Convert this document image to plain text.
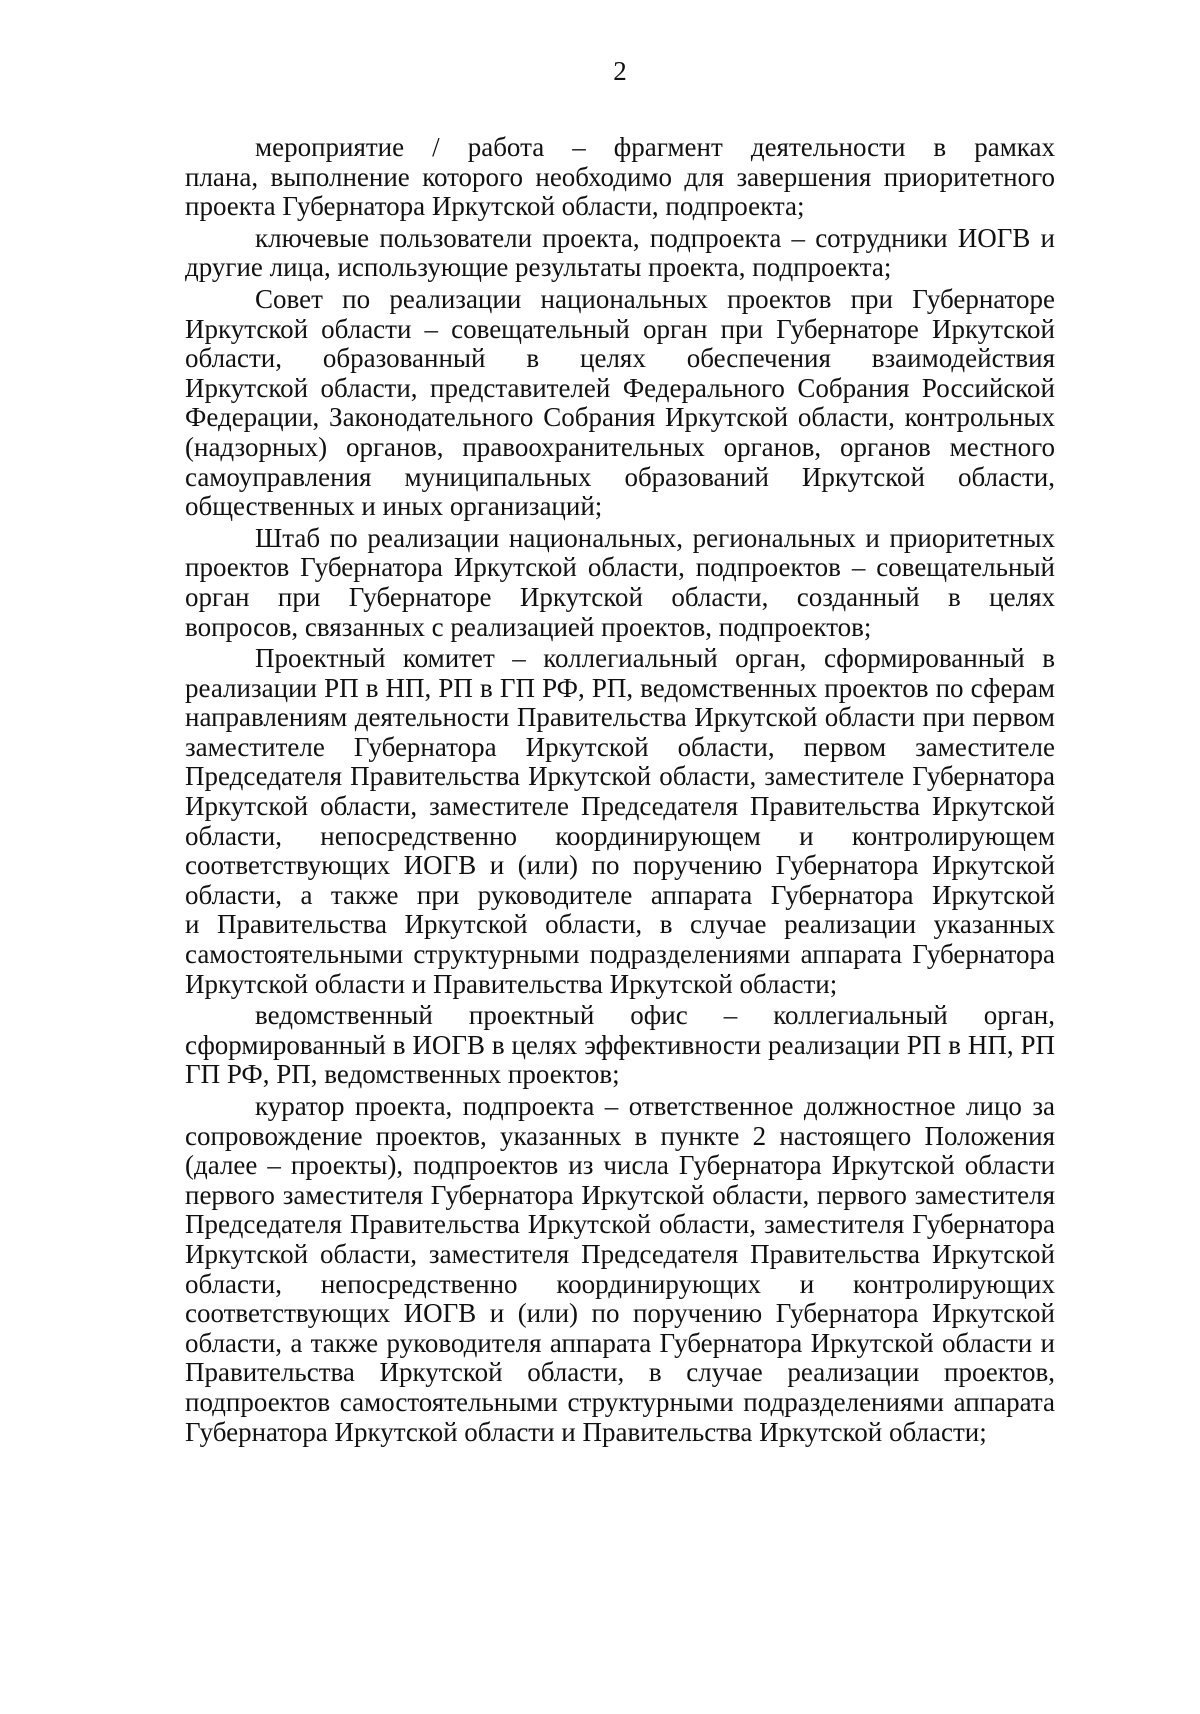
2
мероприятие / работа – фрагмент деятельности в рамках
плана, выполнение которого необходимо для завершения приоритетного
проекта Губернатора Иркутской области, подпроекта;
ключевые пользователи проекта, подпроекта – сотрудники ИОГВ и
другие лица, использующие результаты проекта, подпроекта;
Совет по реализации национальных проектов при Губернаторе
Иркутской области – совещательный орган при Губернаторе Иркутской
области, образованный в целях обеспечения взаимодействия
Иркутской области, представителей Федерального Собрания Российской
Федерации, Законодательного Собрания Иркутской области, контрольных
(надзорных) органов, правоохранительных органов, органов местного
самоуправления муниципальных образований Иркутской области,
общественных и иных организаций;
Штаб по реализации национальных, региональных и приоритетных
проектов Губернатора Иркутской области, подпроектов – совещательный
орган при Губернаторе Иркутской области, созданный в целях
вопросов, связанных с реализацией проектов, подпроектов;
Проектный комитет – коллегиальный орган, сформированный в
реализации РП в НП, РП в ГП РФ, РП, ведомственных проектов по сферам
направлениям деятельности Правительства Иркутской области при первом
заместителе Губернатора Иркутской области, первом заместителе
Председателя Правительства Иркутской области, заместителе Губернатора
Иркутской области, заместителе Председателя Правительства Иркутской
области, непосредственно координирующем и контролирующем
соответствующих ИОГВ и (или) по поручению Губернатора Иркутской
области, а также при руководителе аппарата Губернатора Иркутской
и Правительства Иркутской области, в случае реализации указанных
самостоятельными структурными подразделениями аппарата Губернатора
Иркутской области и Правительства Иркутской области;
ведомственный проектный офис – коллегиальный орган,
сформированный в ИОГВ в целях эффективности реализации РП в НП, РП
ГП РФ, РП, ведомственных проектов;
куратор проекта, подпроекта – ответственное должностное лицо за
сопровождение проектов, указанных в пункте 2 настоящего Положения
(далее – проекты), подпроектов из числа Губернатора Иркутской области
первого заместителя Губернатора Иркутской области, первого заместителя
Председателя Правительства Иркутской области, заместителя Губернатора
Иркутской области, заместителя Председателя Правительства Иркутской
области, непосредственно координирующих и контролирующих
соответствующих ИОГВ и (или) по поручению Губернатора Иркутской
области, а также руководителя аппарата Губернатора Иркутской области и
Правительства Иркутской области, в случае реализации проектов,
подпроектов самостоятельными структурными подразделениями аппарата
Губернатора Иркутской области и Правительства Иркутской области;
